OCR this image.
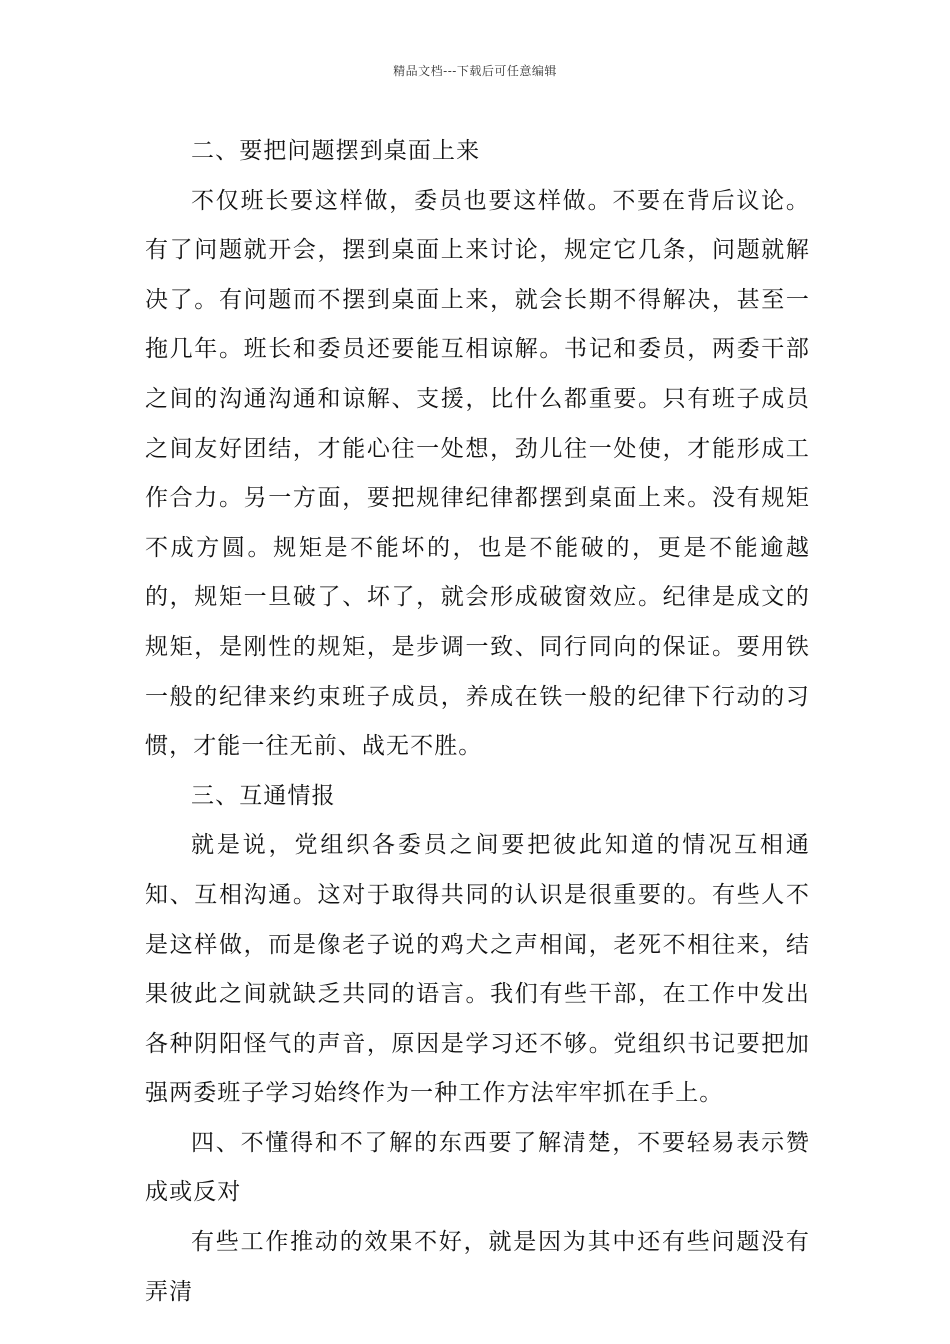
精品文档---下载后可任意编辑

二、要把问题摆到桌面上来

不仅班长要这样做，委员也要这样做。不要在背后议论。有了问题就开会，摆到桌面上来讨论，规定它几条，问题就解决了。有问题而不摆到桌面上来，就会长期不得解决，甚至一拖几年。班长和委员还要能互相谅解。书记和委员，两委干部之间的沟通沟通和谅解、支援，比什么都重要。只有班子成员之间友好团结，才能心往一处想，劲儿往一处使，才能形成工作合力。另一方面，要把规律纪律都摆到桌面上来。没有规矩不成方圆。规矩是不能坏的，也是不能破的，更是不能逾越的，规矩一旦破了、坏了，就会形成破窗效应。纪律是成文的规矩，是刚性的规矩，是步调一致、同行同向的保证。要用铁一般的纪律来约束班子成员，养成在铁一般的纪律下行动的习惯，才能一往无前、战无不胜。

三、互通情报

就是说，党组织各委员之间要把彼此知道的情况互相通知、互相沟通。这对于取得共同的认识是很重要的。有些人不是这样做，而是像老子说的鸡犬之声相闻，老死不相往来，结果彼此之间就缺乏共同的语言。我们有些干部，在工作中发出各种阴阳怪气的声音，原因是学习还不够。党组织书记要把加强两委班子学习始终作为一种工作方法牢牢抓在手上。

四、不懂得和不了解的东西要了解清楚，不要轻易表示赞成或反对

有些工作推动的效果不好，就是因为其中还有些问题没有弄清
